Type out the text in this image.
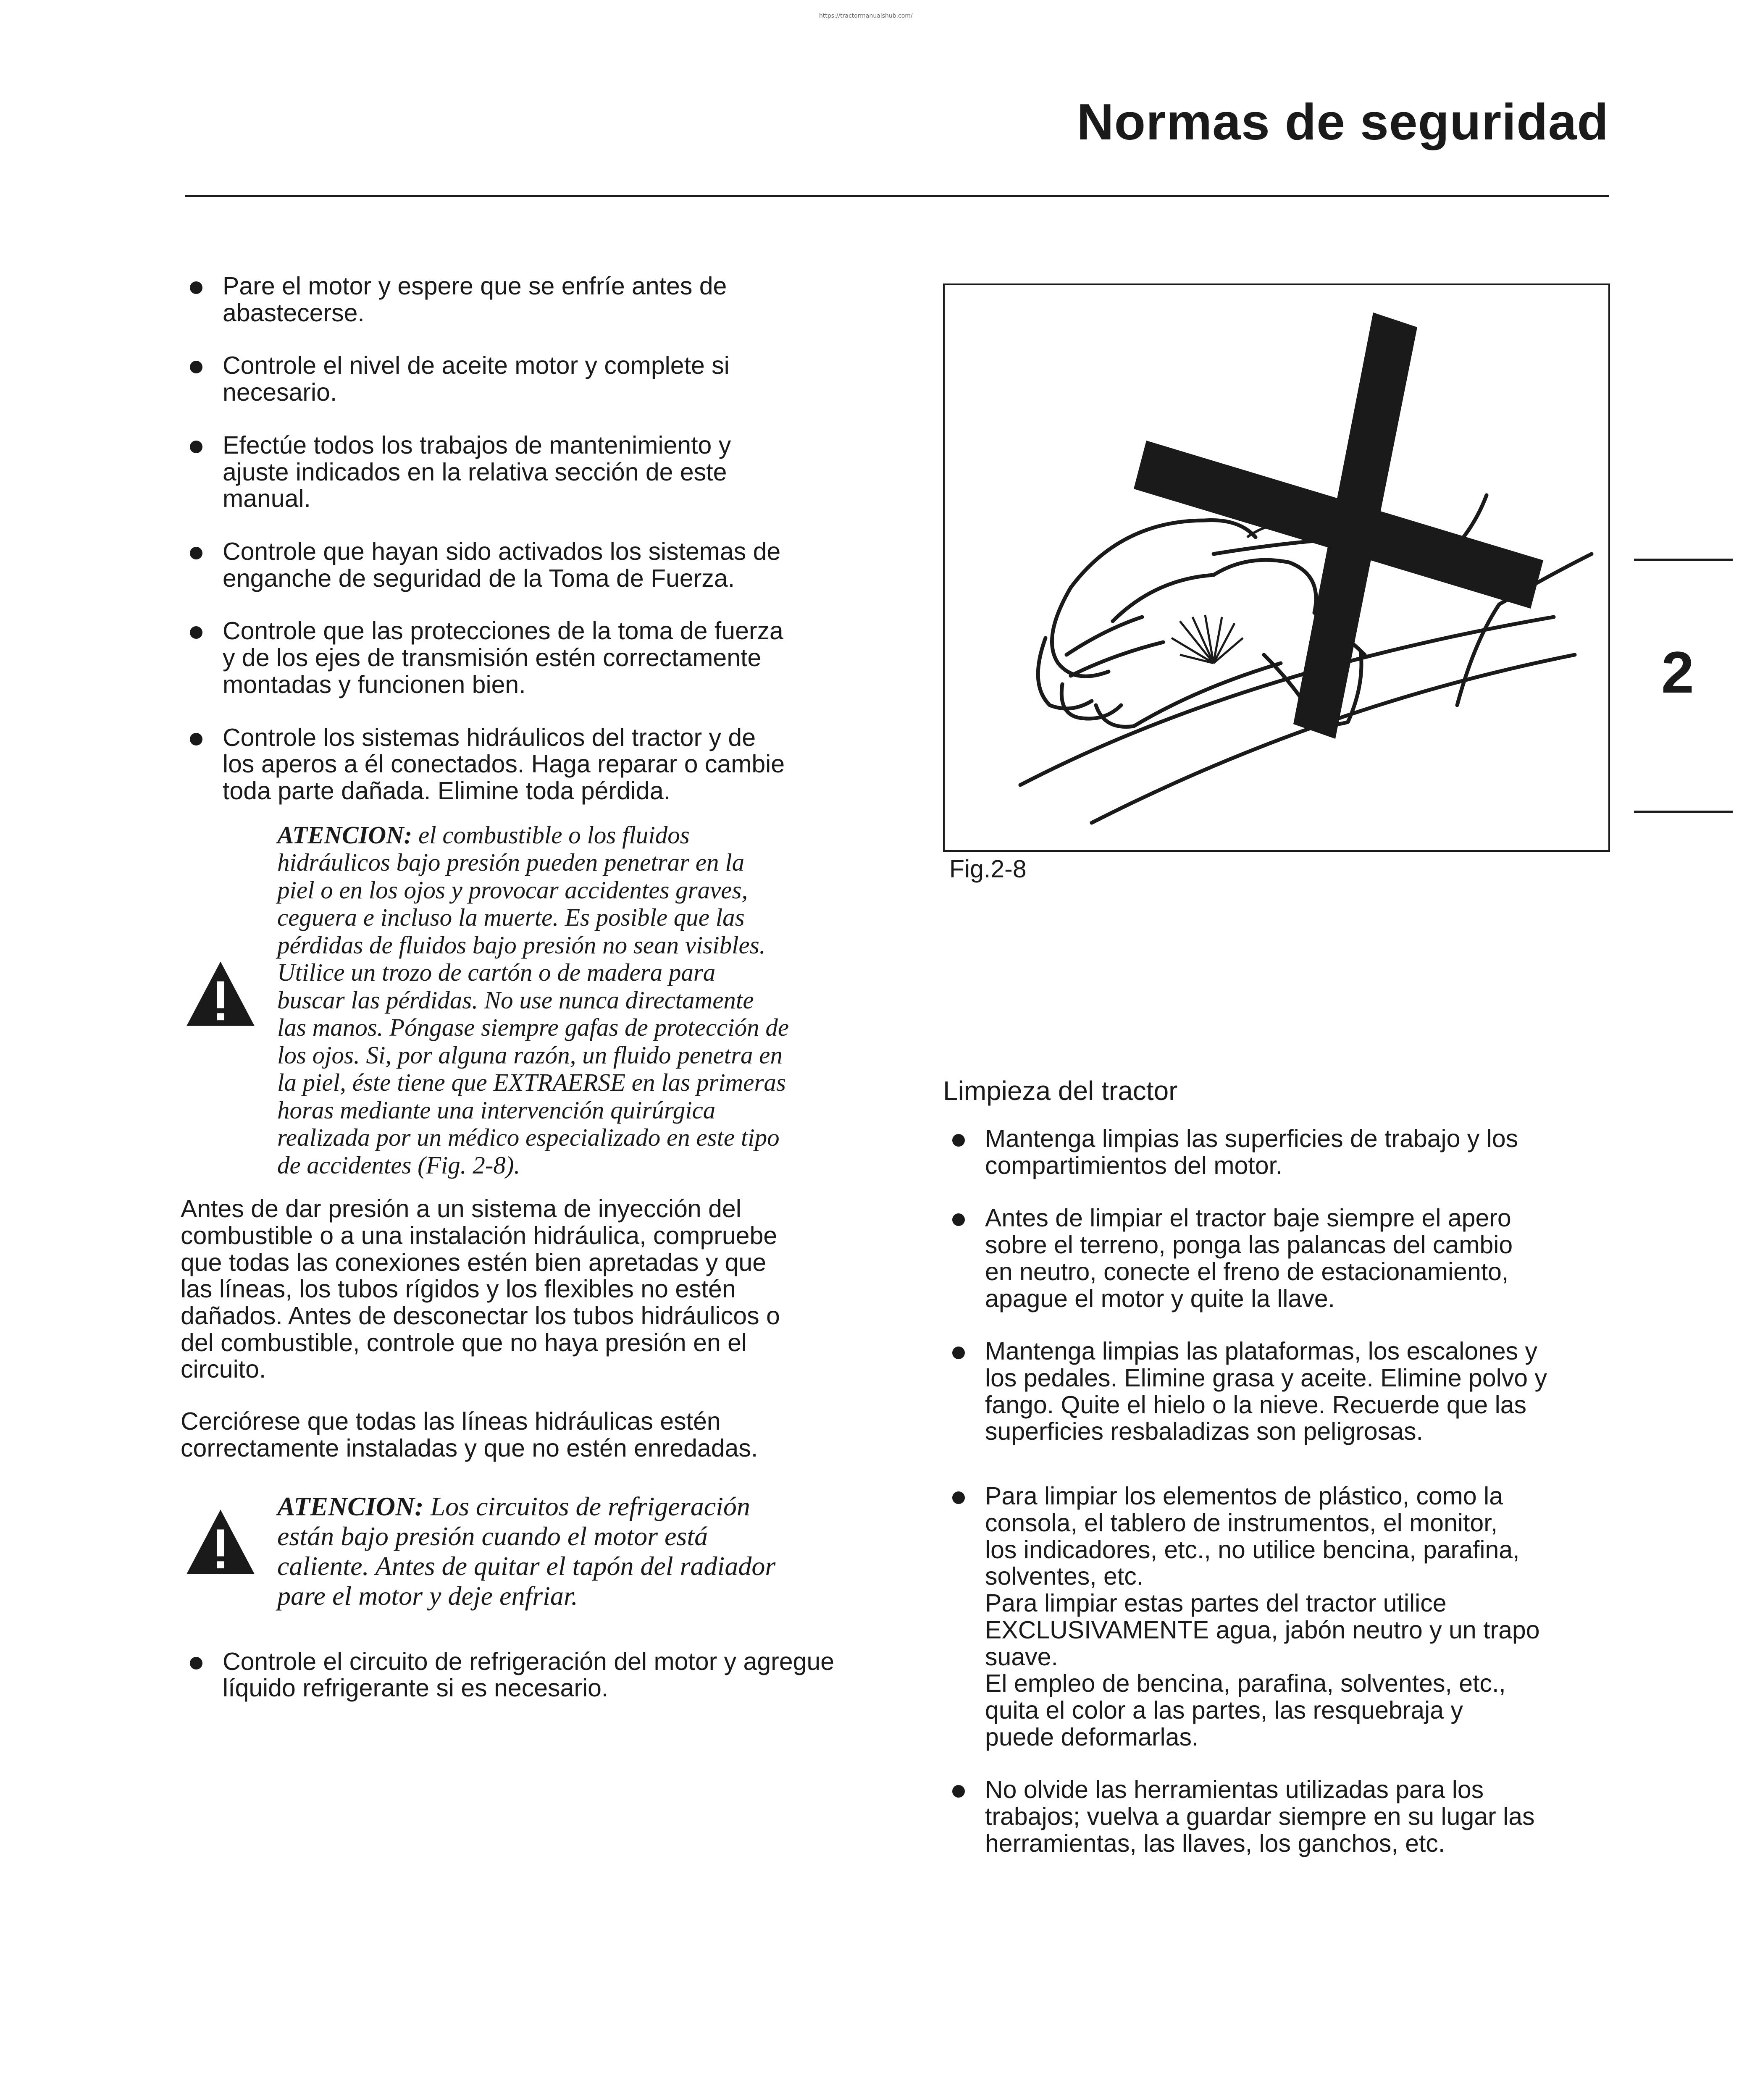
https://tractormanualshub.com/
Normas de seguridad
2
Pare el motor y espere que se enfríe antes de
abastecerse.
Controle el nivel de aceite motor y complete si
necesario.
Efectúe todos los trabajos de mantenimiento y
ajuste indicados en la relativa sección de este
manual.
Controle que hayan sido activados los sistemas de
enganche de seguridad de la Toma de Fuerza.
Controle que las protecciones de la toma de fuerza
y de los ejes de transmisión estén correctamente
montadas y funcionen bien.
Controle los sistemas hidráulicos del tractor y de
los aperos a él conectados. Haga reparar o cambie
toda parte dañada. Elimine toda pérdida.
ATENCION: el combustible o los fluidos
hidráulicos bajo presión pueden penetrar en la
piel o en los ojos y provocar accidentes graves,
ceguera e incluso la muerte. Es posible que las
pérdidas de fluidos bajo presión no sean visibles.
Utilice un trozo de cartón o de madera para
buscar las pérdidas. No use nunca directamente
las manos. Póngase siempre gafas de protección de
los ojos. Si, por alguna razón, un fluido penetra en
la piel, éste tiene que EXTRAERSE en las primeras
horas mediante una intervención quirúrgica
realizada por un médico especializado en este tipo
de accidentes (Fig. 2-8).

Antes de dar presión a un sistema de inyección del
combustible o a una instalación hidráulica, compruebe
que todas las conexiones estén bien apretadas y que
las líneas, los tubos rígidos y los flexibles no estén
dañados. Antes de desconectar los tubos hidráulicos o
del combustible, controle que no haya presión en el
circuito.

Cerciórese que todas las líneas hidráulicas estén
correctamente instaladas y que no estén enredadas.

ATENCION: Los circuitos de refrigeración
están bajo presión cuando el motor está
caliente. Antes de quitar el tapón del radiador
pare el motor y deje enfriar.
Controle el circuito de refrigeración del motor y agregue
líquido refrigerante si es necesario.
Fig.2-8
Limpieza del tractor
Mantenga limpias las superficies de trabajo y los
compartimientos del motor.
Antes de limpiar el tractor baje siempre el apero
sobre el terreno, ponga las palancas del cambio
en neutro, conecte el freno de estacionamiento,
apague el motor y quite la llave.
Mantenga limpias las plataformas, los escalones y
los pedales. Elimine grasa y aceite. Elimine polvo y
fango. Quite el hielo o la nieve. Recuerde que las
superficies resbaladizas son peligrosas.
Para limpiar los elementos de plástico, como la
consola, el tablero de instrumentos, el monitor,
los indicadores, etc., no utilice bencina, parafina,
solventes, etc.
Para limpiar estas partes del tractor utilice
EXCLUSIVAMENTE agua, jabón neutro y un trapo
suave.
El empleo de bencina, parafina, solventes, etc.,
quita el color a las partes, las resquebraja y
puede deformarlas.
No olvide las herramientas utilizadas para los
trabajos; vuelva a guardar siempre en su lugar las
herramientas, las llaves, los ganchos, etc.
